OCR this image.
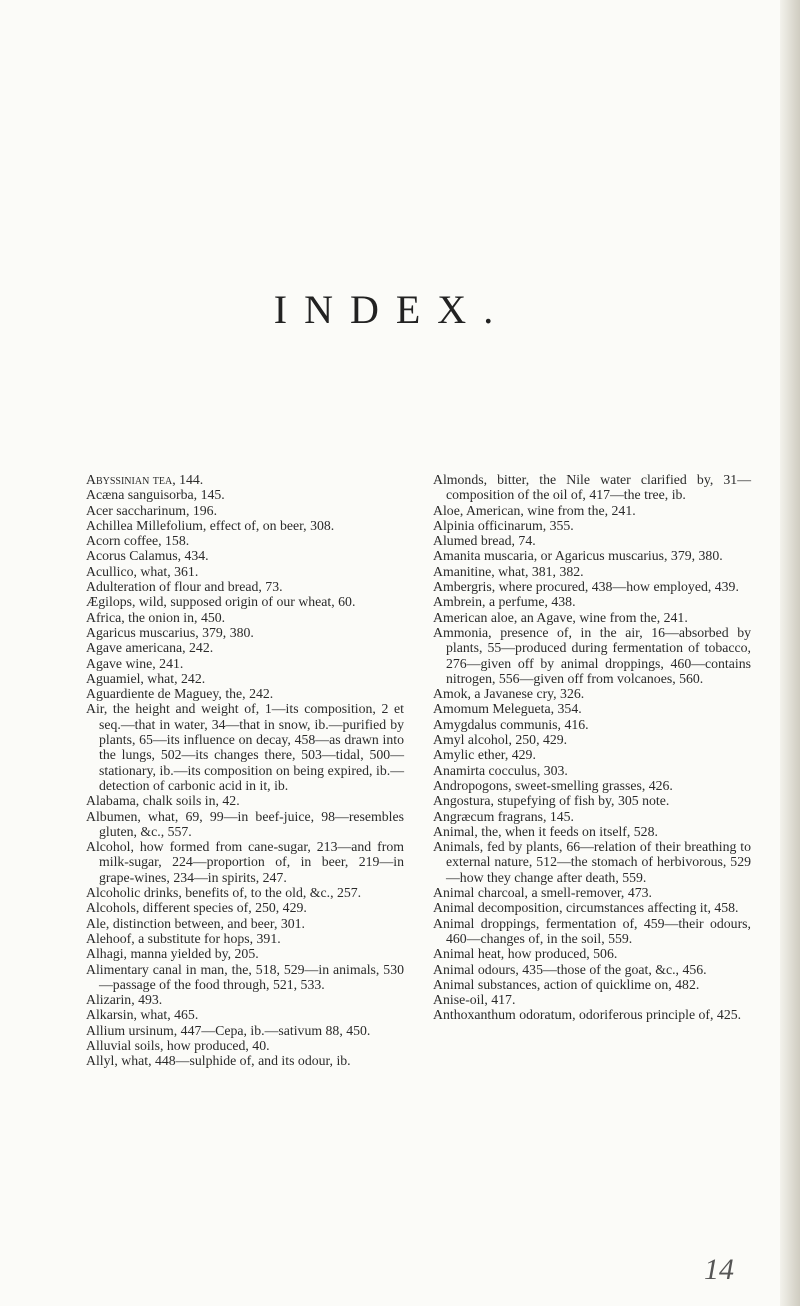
INDEX.

Abyssinian tea, 144.

Acæna sanguisorba, 145.

Acer saccharinum, 196.

Achillea Millefolium, effect of, on beer, 308.

Acorn coffee, 158.

Acorus Calamus, 434.

Acullico, what, 361.

Adulteration of flour and bread, 73.

Ægilops, wild, supposed origin of our wheat, 60.

Africa, the onion in, 450.

Agaricus muscarius, 379, 380.

Agave americana, 242.

Agave wine, 241.

Aguamiel, what, 242.

Aguardiente de Maguey, the, 242.

Air, the height and weight of, 1—its composition, 2 et seq.—that in water, 34—that in snow, ib.—purified by plants, 65—its influence on decay, 458—as drawn into the lungs, 502—its changes there, 503—tidal, 500—stationary, ib.—its composition on being expired, ib.—detection of carbonic acid in it, ib.

Alabama, chalk soils in, 42.

Albumen, what, 69, 99—in beef-juice, 98—resembles gluten, &c., 557.

Alcohol, how formed from cane-sugar, 213—and from milk-sugar, 224—proportion of, in beer, 219—in grape-wines, 234—in spirits, 247.

Alcoholic drinks, benefits of, to the old, &c., 257.

Alcohols, different species of, 250, 429.

Ale, distinction between, and beer, 301.

Alehoof, a substitute for hops, 391.

Alhagi, manna yielded by, 205.

Alimentary canal in man, the, 518, 529—in animals, 530—passage of the food through, 521, 533.

Alizarin, 493.

Alkarsin, what, 465.

Allium ursinum, 447—Cepa, ib.—sativum 88, 450.

Alluvial soils, how produced, 40.

Allyl, what, 448—sulphide of, and its odour, ib.

Almonds, bitter, the Nile water clarified by, 31—composition of the oil of, 417—the tree, ib.

Aloe, American, wine from the, 241.

Alpinia officinarum, 355.

Alumed bread, 74.

Amanita muscaria, or Agaricus muscarius, 379, 380.

Amanitine, what, 381, 382.

Ambergris, where procured, 438—how employed, 439.

Ambrein, a perfume, 438.

American aloe, an Agave, wine from the, 241.

Ammonia, presence of, in the air, 16—absorbed by plants, 55—produced during fermentation of tobacco, 276—given off by animal droppings, 460—contains nitrogen, 556—given off from volcanoes, 560.

Amok, a Javanese cry, 326.

Amomum Melegueta, 354.

Amygdalus communis, 416.

Amyl alcohol, 250, 429.

Amylic ether, 429.

Anamirta cocculus, 303.

Andropogons, sweet-smelling grasses, 426.

Angostura, stupefying of fish by, 305 note.

Angræcum fragrans, 145.

Animal, the, when it feeds on itself, 528.

Animals, fed by plants, 66—relation of their breathing to external nature, 512—the stomach of herbivorous, 529—how they change after death, 559.

Animal charcoal, a smell-remover, 473.

Animal decomposition, circumstances affecting it, 458.

Animal droppings, fermentation of, 459—their odours, 460—changes of, in the soil, 559.

Animal heat, how produced, 506.

Animal odours, 435—those of the goat, &c., 456.

Animal substances, action of quicklime on, 482.

Anise-oil, 417.

Anthoxanthum odoratum, odoriferous principle of, 425.

14
